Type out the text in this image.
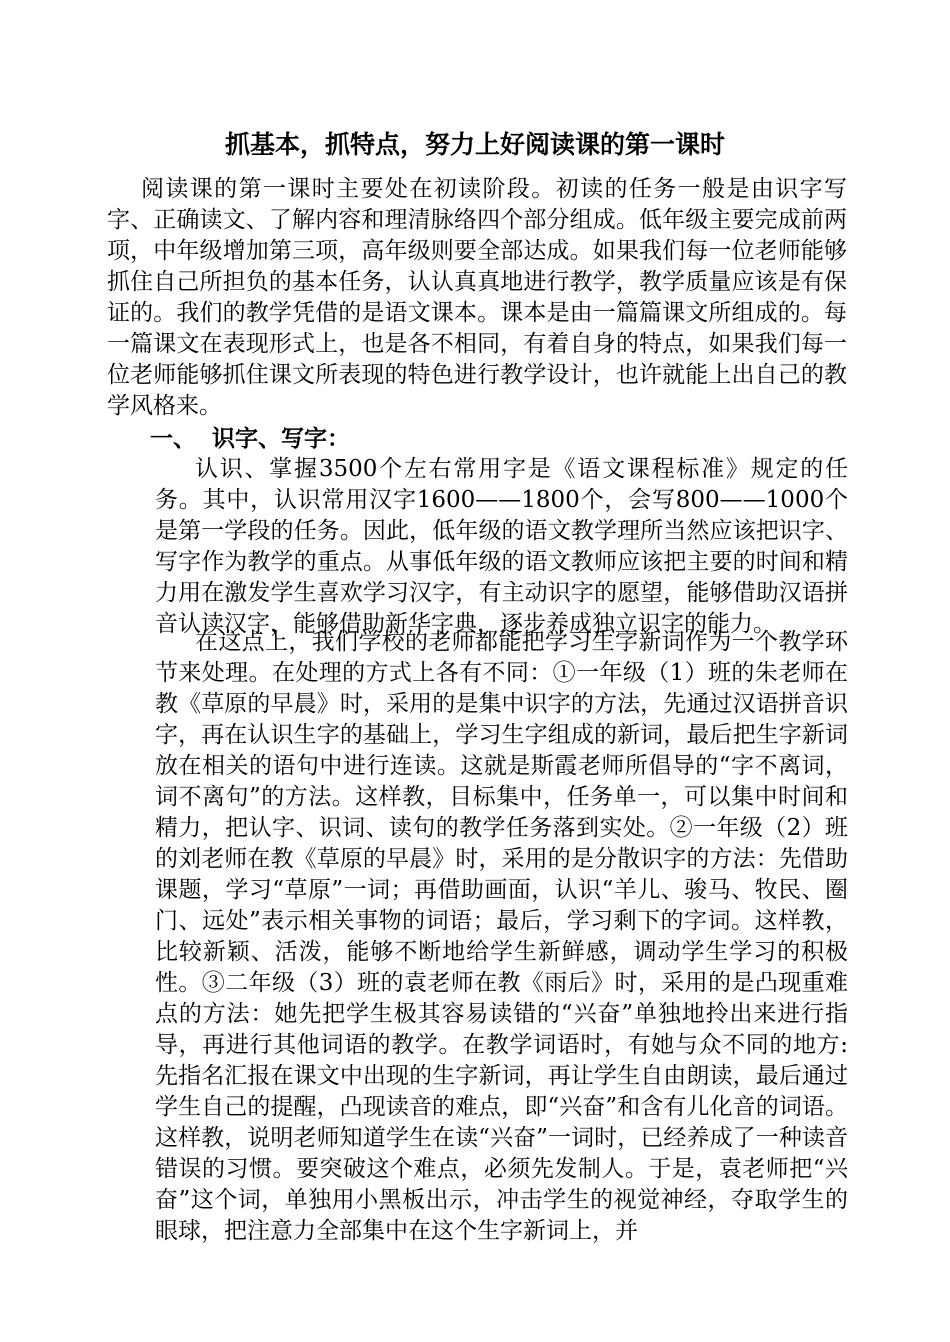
抓基本，抓特点，努力上好阅读课的第一课时

阅读课的第一课时主要处在初读阶段。初读的任务一般是由识字写字、正确读文、了解内容和理清脉络四个部分组成。低年级主要完成前两项，中年级增加第三项，高年级则要全部达成。如果我们每一位老师能够抓住自己所担负的基本任务，认认真真地进行教学，教学质量应该是有保证的。我们的教学凭借的是语文课本。课本是由一篇篇课文所组成的。每一篇课文在表现形式上，也是各不相同，有着自身的特点，如果我们每一位老师能够抓住课文所表现的特色进行教学设计，也许就能上出自己的教学风格来。

一、  识字、写字：

认识、掌握3500个左右常用字是《语文课程标准》规定的任务。其中，认识常用汉字1600——1800个，会写800——1000个是第一学段的任务。因此，低年级的语文教学理所当然应该把识字、写字作为教学的重点。从事低年级的语文教师应该把主要的时间和精力用在激发学生喜欢学习汉字，有主动识字的愿望，能够借助汉语拼音认读汉字，能够借助新华字典，逐步养成独立识字的能力。

在这点上，我们学校的老师都能把学习生字新词作为一个教学环节来处理。在处理的方式上各有不同：①一年级（1）班的朱老师在教《草原的早晨》时，采用的是集中识字的方法，先通过汉语拼音识字，再在认识生字的基础上，学习生字组成的新词，最后把生字新词放在相关的语句中进行连读。这就是斯霞老师所倡导的“字不离词，词不离句”的方法。这样教，目标集中，任务单一，可以集中时间和精力，把认字、识词、读句的教学任务落到实处。②一年级（2）班的刘老师在教《草原的早晨》时，采用的是分散识字的方法：先借助课题，学习“草原”一词；再借助画面，认识“羊儿、骏马、牧民、圈门、远处”表示相关事物的词语；最后，学习剩下的字词。这样教，比较新颖、活泼，能够不断地给学生新鲜感，调动学生学习的积极性。③二年级（3）班的袁老师在教《雨后》时，采用的是凸现重难点的方法：她先把学生极其容易读错的“兴奋”单独地拎出来进行指导，再进行其他词语的教学。在教学词语时，有她与众不同的地方:先指名汇报在课文中出现的生字新词，再让学生自由朗读，最后通过学生自己的提醒，凸现读音的难点，即“兴奋”和含有儿化音的词语。这样教，说明老师知道学生在读“兴奋”一词时，已经养成了一种读音错误的习惯。要突破这个难点，必须先发制人。于是，袁老师把“兴奋”这个词，单独用小黑板出示，冲击学生的视觉神经，夺取学生的眼球，把注意力全部集中在这个生字新词上，并
